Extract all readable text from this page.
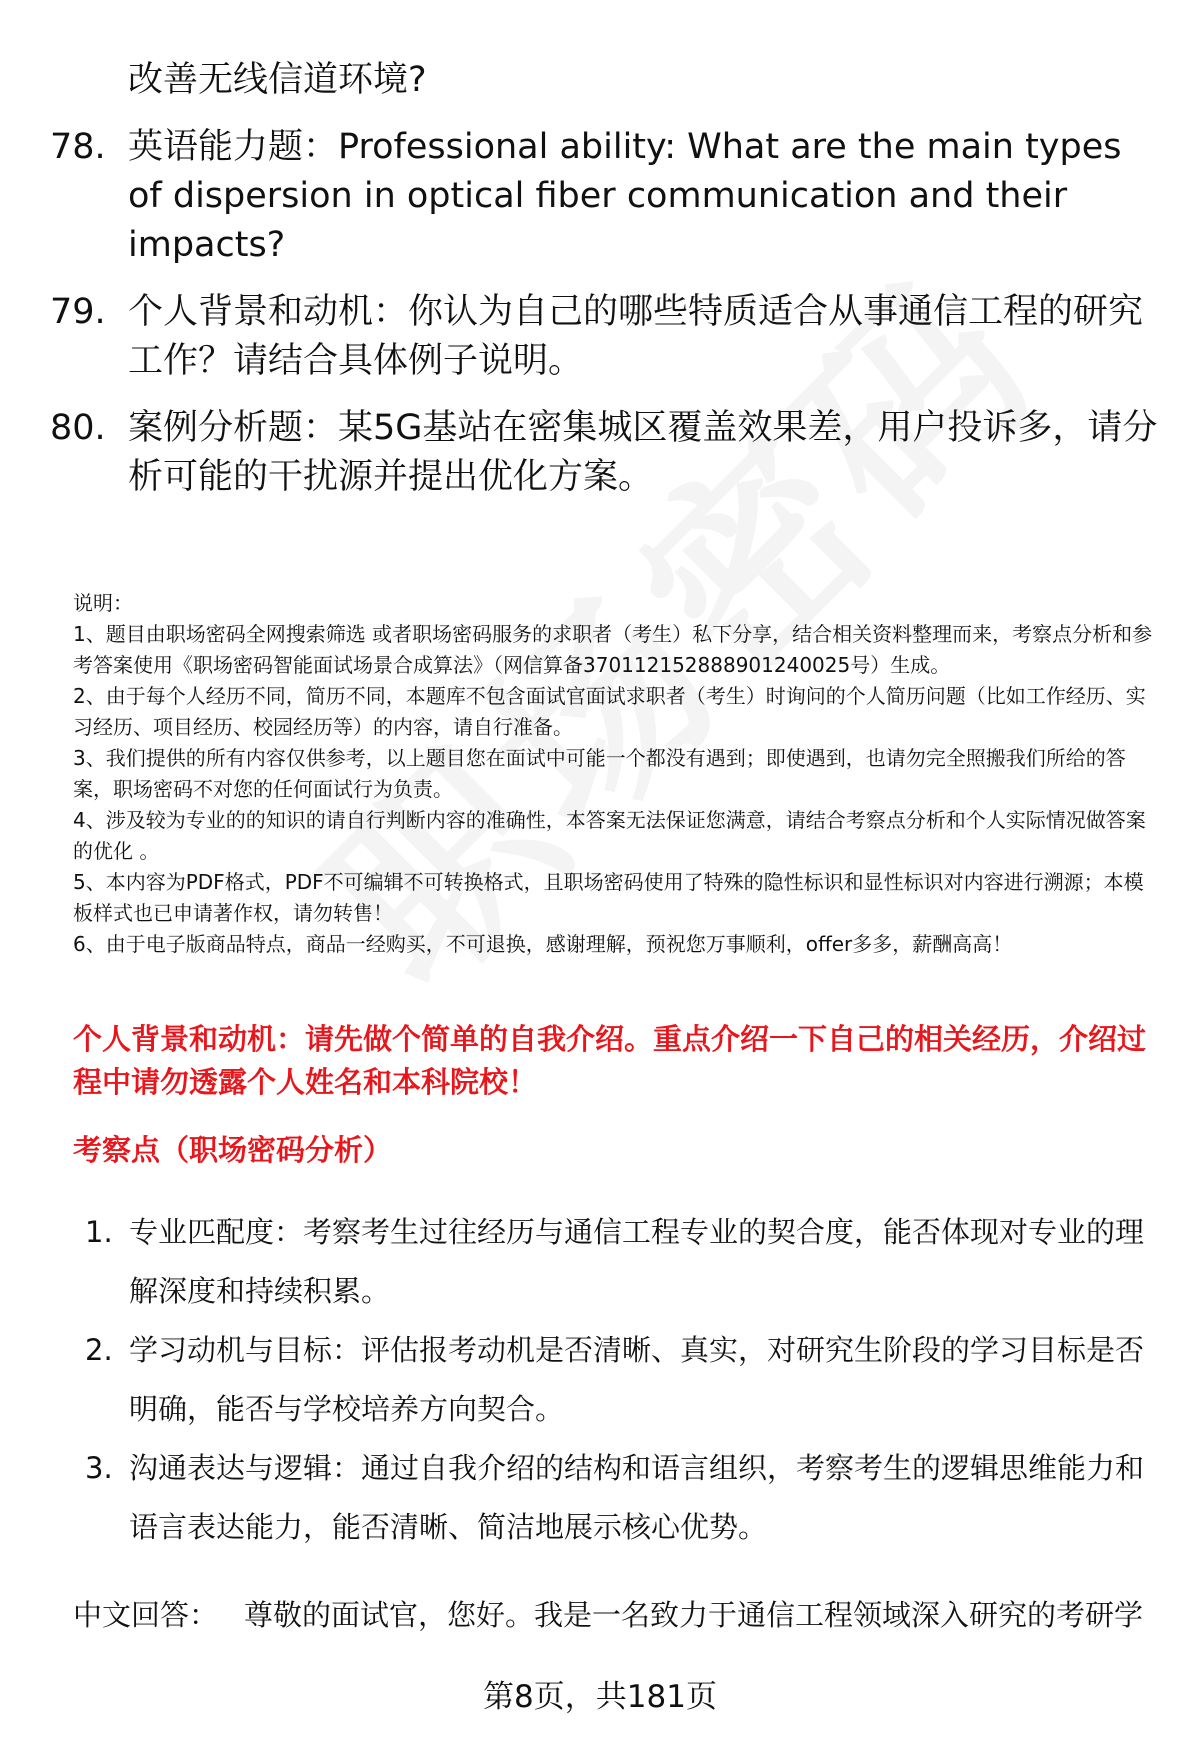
改善无线信道环境?
78. 英语能力题：Professional ability: What are the main types of dispersion in optical fiber communication and their impacts?
79. 个人背景和动机：你认为自己的哪些特质适合从事通信工程的研究工作？请结合具体例子说明。
80. 案例分析题：某5G基站在密集城区覆盖效果差，用户投诉多，请分析可能的干扰源并提出优化方案。

说明：

1、题目由职场密码全网搜索筛选 或者职场密码服务的求职者（考生）私下分享，结合相关资料整理而来，考察点分析和参考答案使用《职场密码智能面试场景合成算法》（网信算备370112152888901240025号）生成。

2、由于每个人经历不同，简历不同，本题库不包含面试官面试求职者（考生）时询问的个人简历问题（比如工作经历、实习经历、项目经历、校园经历等）的内容，请自行准备。

3、我们提供的所有内容仅供参考，以上题目您在面试中可能一个都没有遇到；即使遇到，也请勿完全照搬我们所给的答案，职场密码不对您的任何面试行为负责。

4、涉及较为专业的的知识的请自行判断内容的准确性，本答案无法保证您满意，请结合考察点分析和个人实际情况做答案的优化 。

5、本内容为PDF格式，PDF不可编辑不可转换格式，且职场密码使用了特殊的隐性标识和显性标识对内容进行溯源；本模板样式也已申请著作权，请勿转售！

6、由于电子版商品特点，商品一经购买，不可退换，感谢理解，预祝您万事顺利，offer多多，薪酬高高！

个人背景和动机：请先做个简单的自我介绍。重点介绍一下自己的相关经历，介绍过程中请勿透露个人姓名和本科院校！
考察点（职场密码分析）
1. 专业匹配度：考察考生过往经历与通信工程专业的契合度，能否体现对专业的理解深度和持续积累。
2. 学习动机与目标：评估报考动机是否清晰、真实，对研究生阶段的学习目标是否明确，能否与学校培养方向契合。
3. 沟通表达与逻辑：通过自我介绍的结构和语言组织，考察考生的逻辑思维能力和语言表达能力，能否清晰、简洁地展示核心优势。
中文回答： 尊敬的面试官，您好。我是一名致力于通信工程领域深入研究的考研学
第8页，共181页
